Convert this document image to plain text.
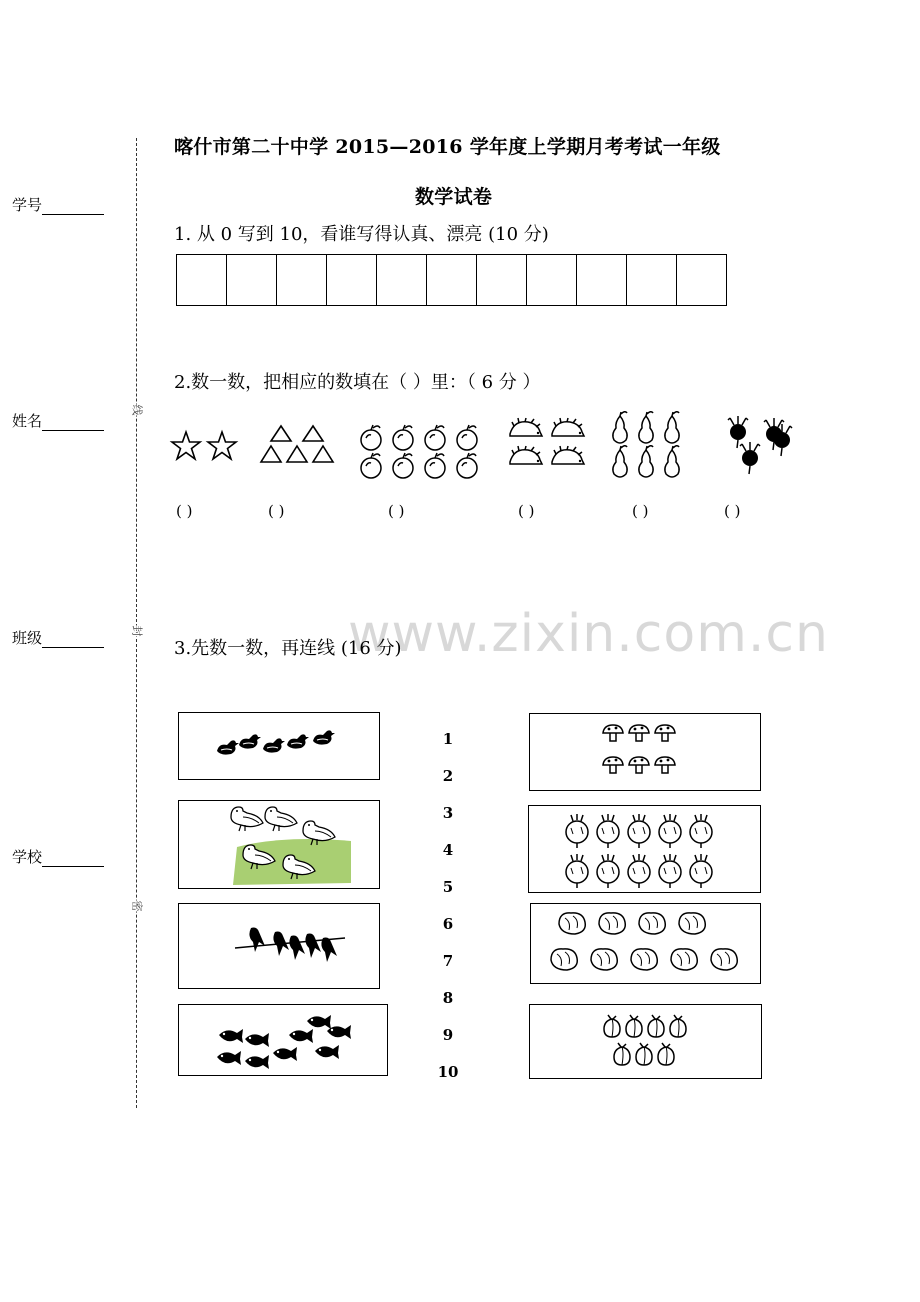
学号
姓名
班级
学校
线
封
密
喀什市第二十中学 2015—2016 学年度上学期月考考试一年级
数学试卷
1. 从 0 写到 10，看谁写得认真、漂亮 (10 分)
2.数一数，把相应的数填在（ ）里：（ 6 分 ）
( )	( )	( )	( )	( )	( )
www.zixin.com.cn
3.先数一数，再连线 (16 分)
1
2
3
4
5
6
7
8
9
10
